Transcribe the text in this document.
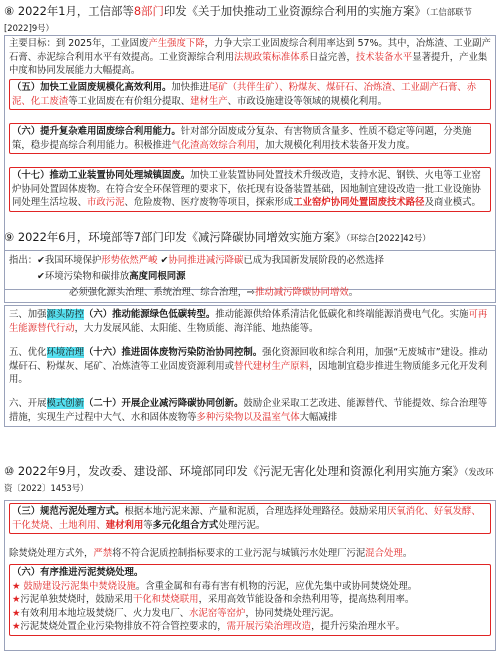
⑧ 2022年1月，工信部等8部门印发《关于加快推动工业资源综合利用的实施方案》（工信部联节[2022]9号）
主要目标：到 2025年，工业固废产生强度下降，力争大宗工业固废综合利用率达到 57%。其中，冶炼渣、工业副产石膏、赤泥综合利用水平有效提高。工业资源综合利用法规政策标准体系日益完善，技术装备水平显著提升，产业集中度和协同发展能力大幅提高。
（五）加快工业固废规模化高效利用。加快推进尾矿（共伴生矿）、粉煤灰、煤矸石、冶炼渣、工业副产石膏、赤泥、化工废渣等工业固废在有价组分提取、建材生产、市政设施建设等领域的规模化利用。
（六）提升复杂难用固废综合利用能力。针对部分固废成分复杂、有害物质含量多、性质不稳定等问题，分类施策，稳步提高综合利用能力。积极推进气化渣高效综合利用，加大规模化利用技术装备开发力度。
（十七）推动工业装置协同处理城镇固废。加快工业装置协同处置技术升级改造，支持水泥、钢铁、火电等工业窑炉协同处置固体废物。在符合安全环保管理的要求下，依托现有设备装置基础，因地制宜建设改造一批工业设施协同处理生活垃圾、市政污泥、危险废物、医疗废物等项目，探索形成工业窑炉协同处置固废技术路径及商业模式。
⑨ 2022年6月，环境部等7部门印发《减污降碳协同增效实施方案》（环综合[2022]42号）
指出：✔我国环境保护形势依然严峻 ✔协同推进减污降碳已成为我国新发展阶段的必然选择
✔环境污染物和碳排放高度同根同源
必须强化源头治理、系统治理、综合治理，⇨推动减污降碳协同增效。
三、加强源头防控（六）推动能源绿色低碳转型。推动能源供给体系清洁化低碳化和终端能源消费电气化。实施可再生能源替代行动，大力发展风能、太阳能、生物质能、海洋能、地热能等。
五、优化环境治理（十六）推进固体废物污染防治协同控制。强化资源回收和综合利用，加强“无废城市”建设。推动煤矸石、粉煤灰、尾矿、冶炼渣等工业固废资源利用或替代建材生产原料，因地制宜稳步推进生物质能多元化开发利用。
六、开展模式创新（二十）开展企业减污降碳协同创新。鼓励企业采取工艺改进、能源替代、节能提效、综合治理等措施，实现生产过程中大气、水和固体废物等多种污染物以及温室气体大幅减排
⑩ 2022年9月，发改委、建设部、环境部同印发《污泥无害化处理和资源化利用实施方案》（发改环资〔2022〕1453号）
（三）规范污泥处理方式。根据本地污泥来源、产量和泥质，合理选择处理路径。鼓励采用厌氧消化、好氧发酵、干化焚烧、土地利用、建材利用等多元化组合方式处理污泥。
除焚烧处理方式外，严禁将不符合泥质控制指标要求的工业污泥与城镇污水处理厂污泥混合处理。
（六）有序推进污泥焚烧处理。
★ 鼓励建设污泥集中焚烧设施。含重金属和有毒有害有机物的污泥，应优先集中或协同焚烧处理。
★污泥单独焚烧时，鼓励采用干化和焚烧联用，采用高效节能设备和余热利用等，提高热利用率。
★有效利用本地垃圾焚烧厂、火力发电厂、水泥窑等窑炉，协同焚烧处理污泥。
★污泥焚烧处置企业污染物排放不符合管控要求的，需开展污染治理改造，提升污染治理水平。
